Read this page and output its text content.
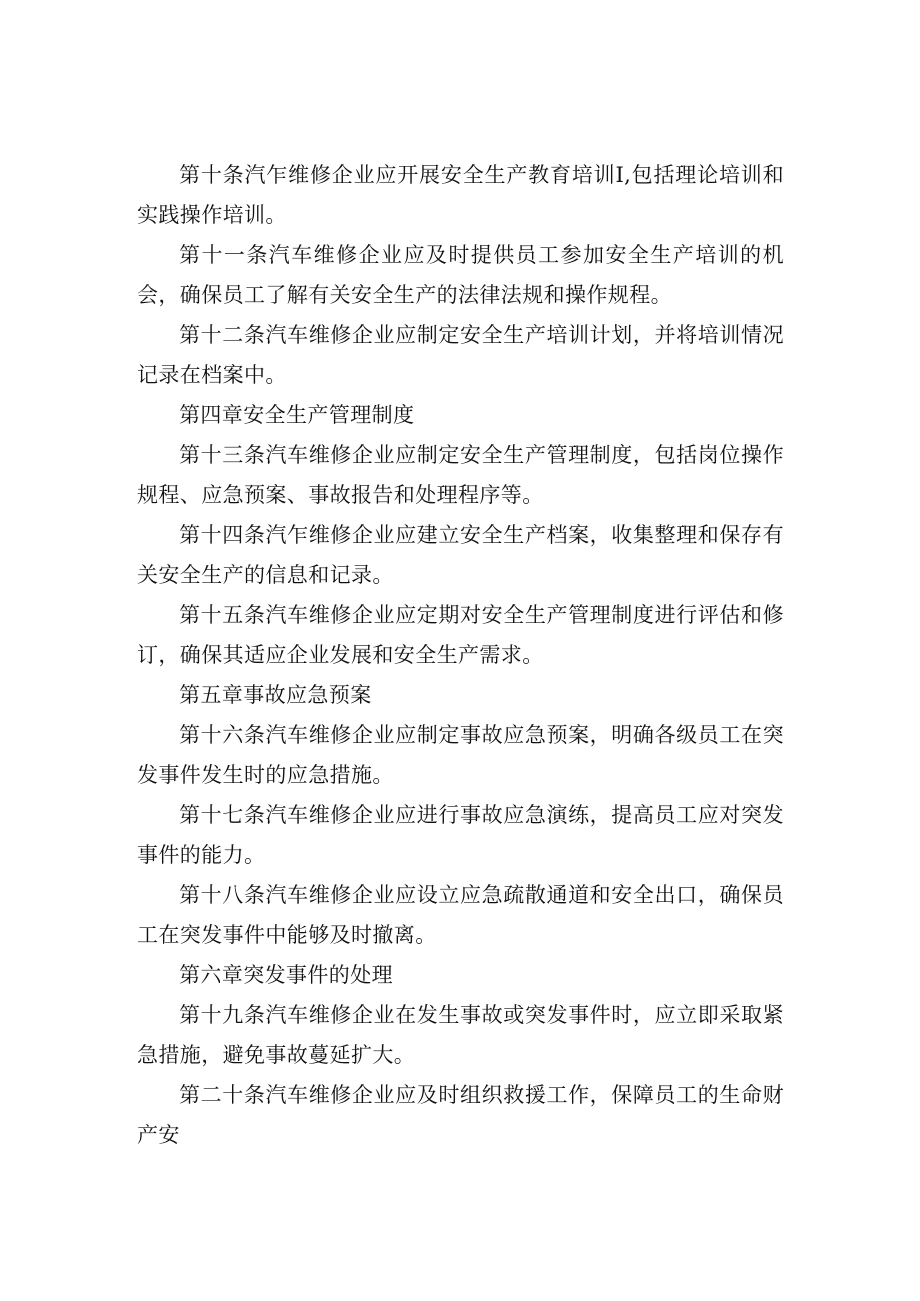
第十条汽乍维修企业应开展安全生产教育培训I,包括理论培训和实践操作培训。

第十一条汽车维修企业应及时提供员工参加安全生产培训的机会，确保员工了解有关安全生产的法律法规和操作规程。

第十二条汽车维修企业应制定安全生产培训计划，并将培训情况记录在档案中。

第四章安全生产管理制度

第十三条汽车维修企业应制定安全生产管理制度，包括岗位操作规程、应急预案、事故报告和处理程序等。

第十四条汽乍维修企业应建立安全生产档案，收集整理和保存有关安全生产的信息和记录。

第十五条汽车维修企业应定期对安全生产管理制度进行评估和修订，确保其适应企业发展和安全生产需求。

第五章事故应急预案

第十六条汽车维修企业应制定事故应急预案，明确各级员工在突发事件发生时的应急措施。

第十七条汽车维修企业应进行事故应急演练，提高员工应对突发事件的能力。

第十八条汽车维修企业应设立应急疏散通道和安全出口，确保员工在突发事件中能够及时撤离。

第六章突发事件的处理

第十九条汽车维修企业在发生事故或突发事件时，应立即采取紧急措施，避免事故蔓延扩大。

第二十条汽车维修企业应及时组织救援工作，保障员工的生命财产安
